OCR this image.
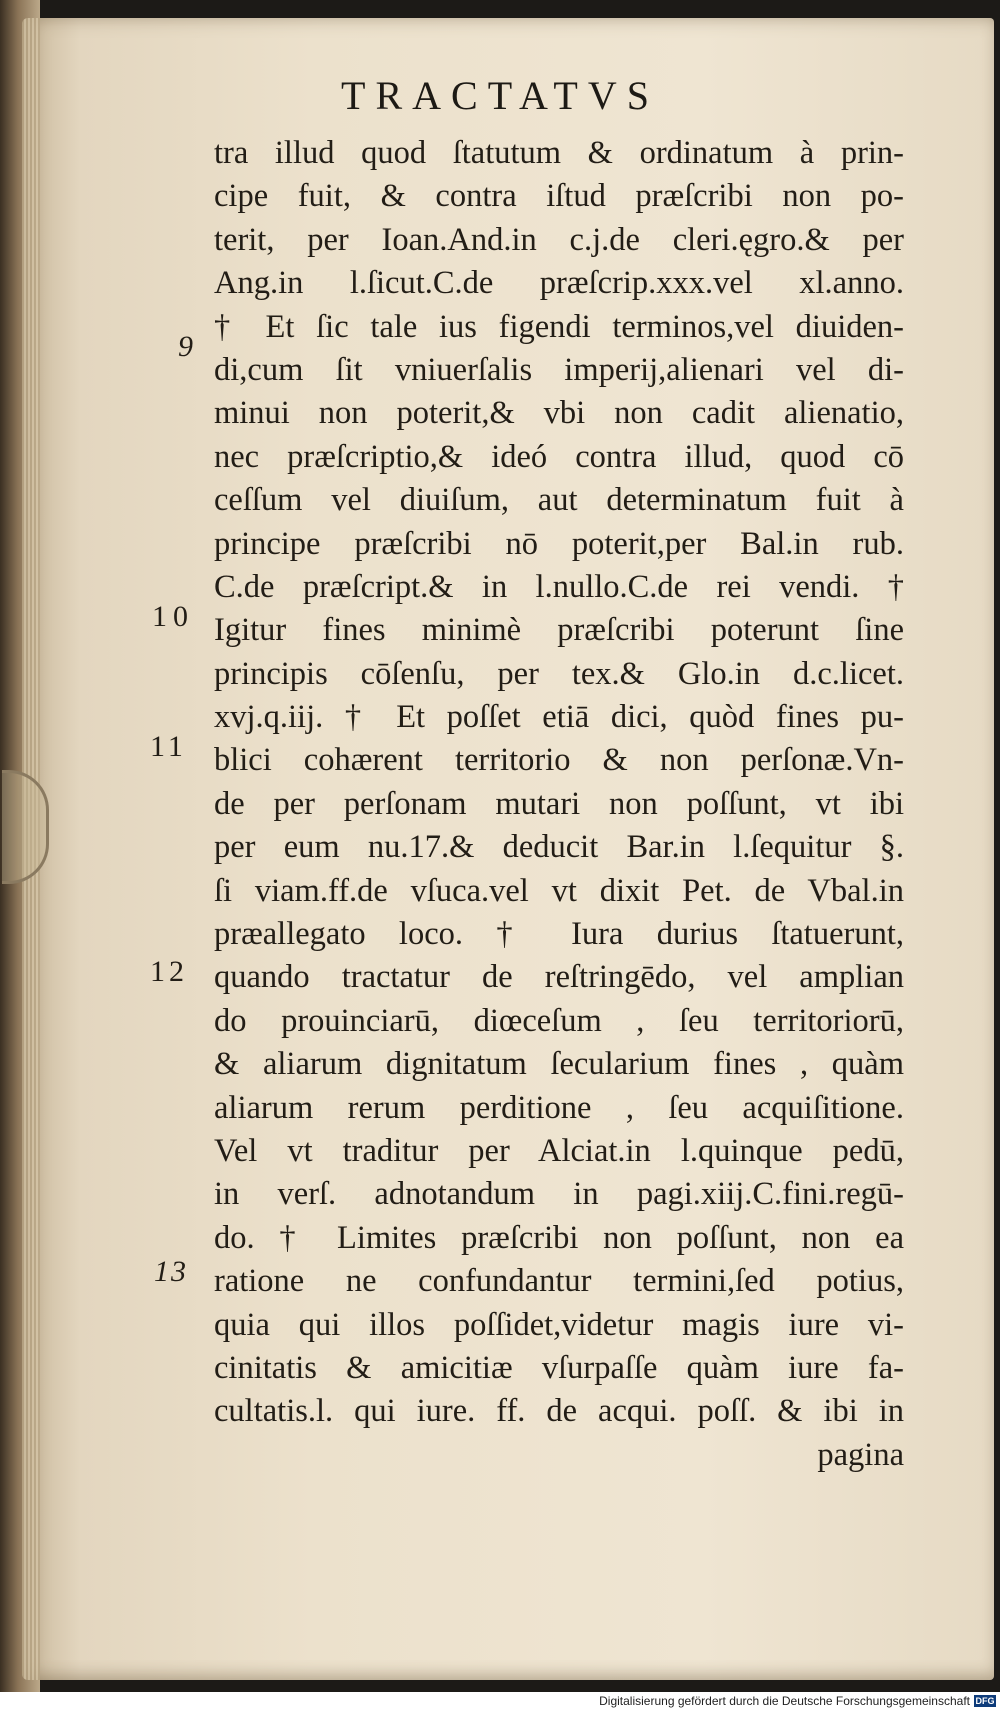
TRACTATVS
tra illud quod ſtatutum & ordinatum à prin-
cipe fuit, & contra iſtud præſcribi non po-
terit, per Ioan.And.in c.j.de cleri.ęgro.& per
Ang.in l.ſicut.C.de præſcrip.xxx.vel xl.anno.
† Et ſic tale ius figendi terminos,vel diuiden-
di,cum ſit vniuerſalis imperij,alienari vel di-
minui non poterit,& vbi non cadit alienatio,
nec præſcriptio,& ideó contra illud, quod cō
ceſſum vel diuiſum, aut determinatum fuit à
principe præſcribi nō poterit,per Bal.in rub.
C.de præſcript.& in l.nullo.C.de rei vendi. †
Igitur fines minimè præſcribi poterunt ſine
principis cōſenſu, per tex.& Glo.in d.c.licet.
xvj.q.iij. † Et poſſet etiā dici, quòd fines pu-
blici cohærent territorio & non perſonæ.Vn-
de per perſonam mutari non poſſunt, vt ibi
per eum nu.17.& deducit Bar.in l.ſequitur §.
ſi viam.ff.de vſuca.vel vt dixit Pet. de Vbal.in
præallegato loco. † Iura durius ſtatuerunt,
quando tractatur de reſtringēdo, vel amplian
do prouinciarū, diœceſum , ſeu territoriorū,
& aliarum dignitatum ſecularium fines , quàm
aliarum rerum perditione , ſeu acquiſitione.
Vel vt traditur per Alciat.in l.quinque pedū,
in verſ. adnotandum in pagi.xiij.C.fini.regū-
do. † Limites præſcribi non poſſunt, non ea
ratione ne confundantur termini,ſed potius,
quia qui illos poſſidet,videtur magis iure vi-
cinitatis & amicitiæ vſurpaſſe quàm iure fa-
cultatis.l. qui iure. ff. de acqui. poſſ. & ibi in
pagina
9
10
11
12
13
Digitalisierung gefördert durch die Deutsche Forschungsgemeinschaft DFG
